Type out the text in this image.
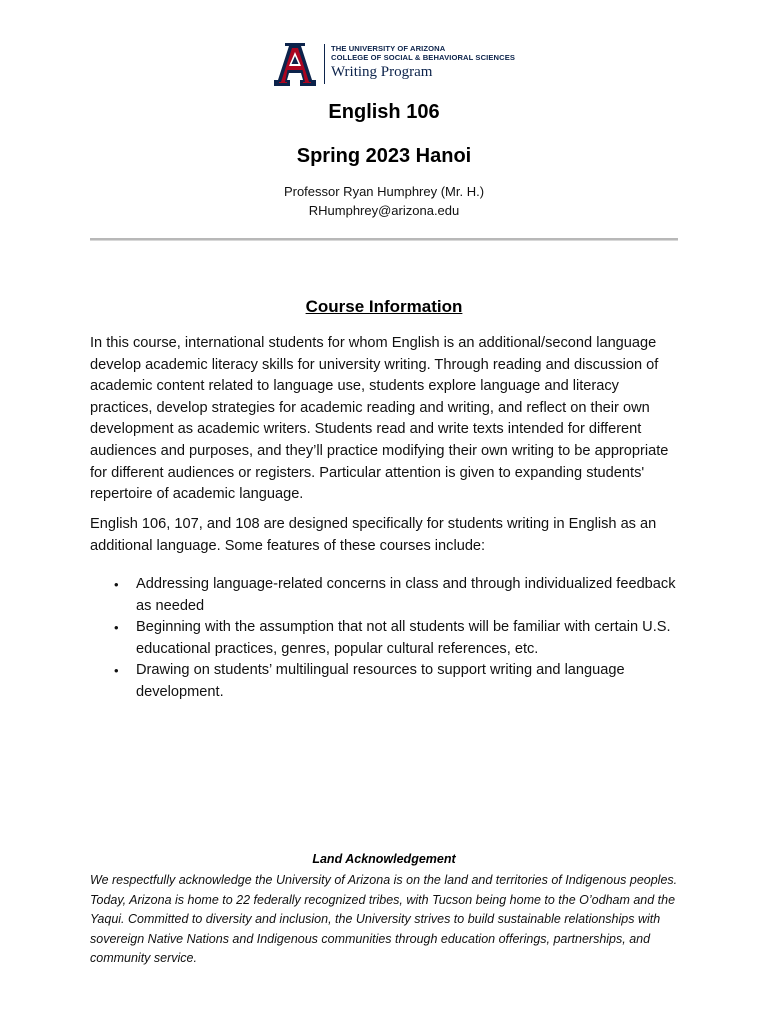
THE UNIVERSITY OF ARIZONA
COLLEGE OF SOCIAL & BEHAVIORAL SCIENCES
Writing Program
English 106
Spring 2023 Hanoi
Professor Ryan Humphrey (Mr. H.)
RHumphrey@arizona.edu
Course Information

In this course, international students for whom English is an additional/second language develop academic literacy skills for university writing. Through reading and discussion of academic content related to language use, students explore language and literacy practices, develop strategies for academic reading and writing, and reflect on their own development as academic writers. Students read and write texts intended for different audiences and purposes, and they’ll practice modifying their own writing to be appropriate for different audiences or registers. Particular attention is given to expanding students' repertoire of academic language.

English 106, 107, and 108 are designed specifically for students writing in English as an additional language. Some features of these courses include:

• Addressing language-related concerns in class and through individualized feedback as needed
• Beginning with the assumption that not all students will be familiar with certain U.S. educational practices, genres, popular cultural references, etc.
• Drawing on students’ multilingual resources to support writing and language development.
Land Acknowledgement

We respectfully acknowledge the University of Arizona is on the land and territories of Indigenous peoples. Today, Arizona is home to 22 federally recognized tribes, with Tucson being home to the O’odham and the Yaqui. Committed to diversity and inclusion, the University strives to build sustainable relationships with sovereign Native Nations and Indigenous communities through education offerings, partnerships, and community service.
